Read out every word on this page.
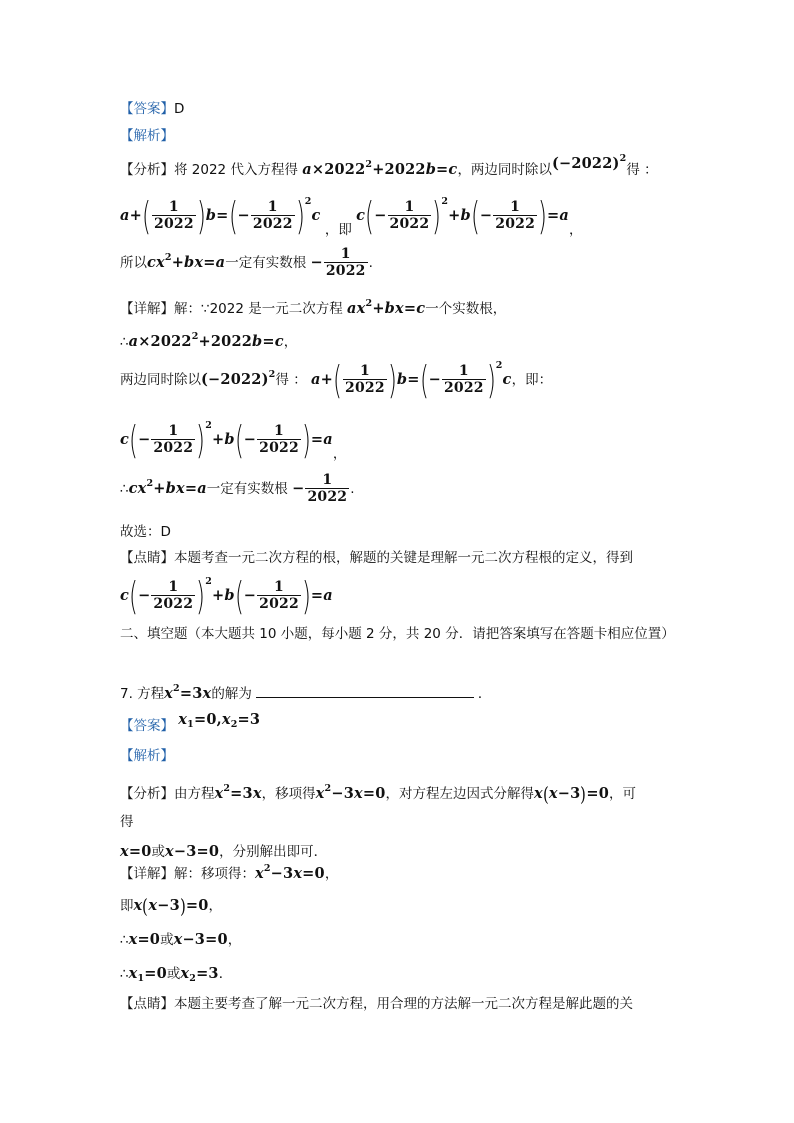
【答案】D
【解析】
【分析】将 2022 代入方程得 $a\times 2022^2+2022b=c$，两边同时除以$(-2022)^2$得 ：
$a+( \frac{1}{2022} )b=(- \frac{1}{2022} )^2c$ ，即 $c(- \frac{1}{2022} )^2+b(- \frac{1}{2022} )=a$，
所以$cx^2+bx=a$一定有实数根 − $\frac{1}{2022}$ .
【详解】解：∵2022 是一元二次方程 $ax^2+bx=c$一个实数根，
$\therefore a\times 2022^2+2022b=c$，
两边同时除以$(-2022)^2$得 ： $a+( \frac{1}{2022} )b=(- \frac{1}{2022} )^2c$，即：
$c(- \frac{1}{2022} )^2+b(- \frac{1}{2022} )=a$，
$\therefore cx^2+bx=a$一定有实数根 − $\frac{1}{2022}$ .
故选：D
【点睛】本题考查一元二次方程的根，解题的关键是理解一元二次方程根的定义，得到
$c(- \frac{1}{2022} )^2+b(- \frac{1}{2022} )=a$
二、填空题（本大题共 10 小题，每小题 2 分，共 20 分．请把答案填写在答题卡相应位置）
7. 方程$x^2=3x$的解为	．
【答案】 $x_1=0,x_2=3$
【解析】
【分析】由方程$x^2=3x$，移项得$x^2-3x=0$，对方程左边因式分解得x(x−3)=0，可
得
x=0或x−3=0，分别解出即可．
【详解】解：移项得：$x^2-3x=0$，
即x(x−3)=0，
∴x=0或x−3=0，
$\therefore x_1=0$或$x_2=3$．
【点睛】本题主要考查了解一元二次方程，用合理的方法解一元二次方程是解此题的关
